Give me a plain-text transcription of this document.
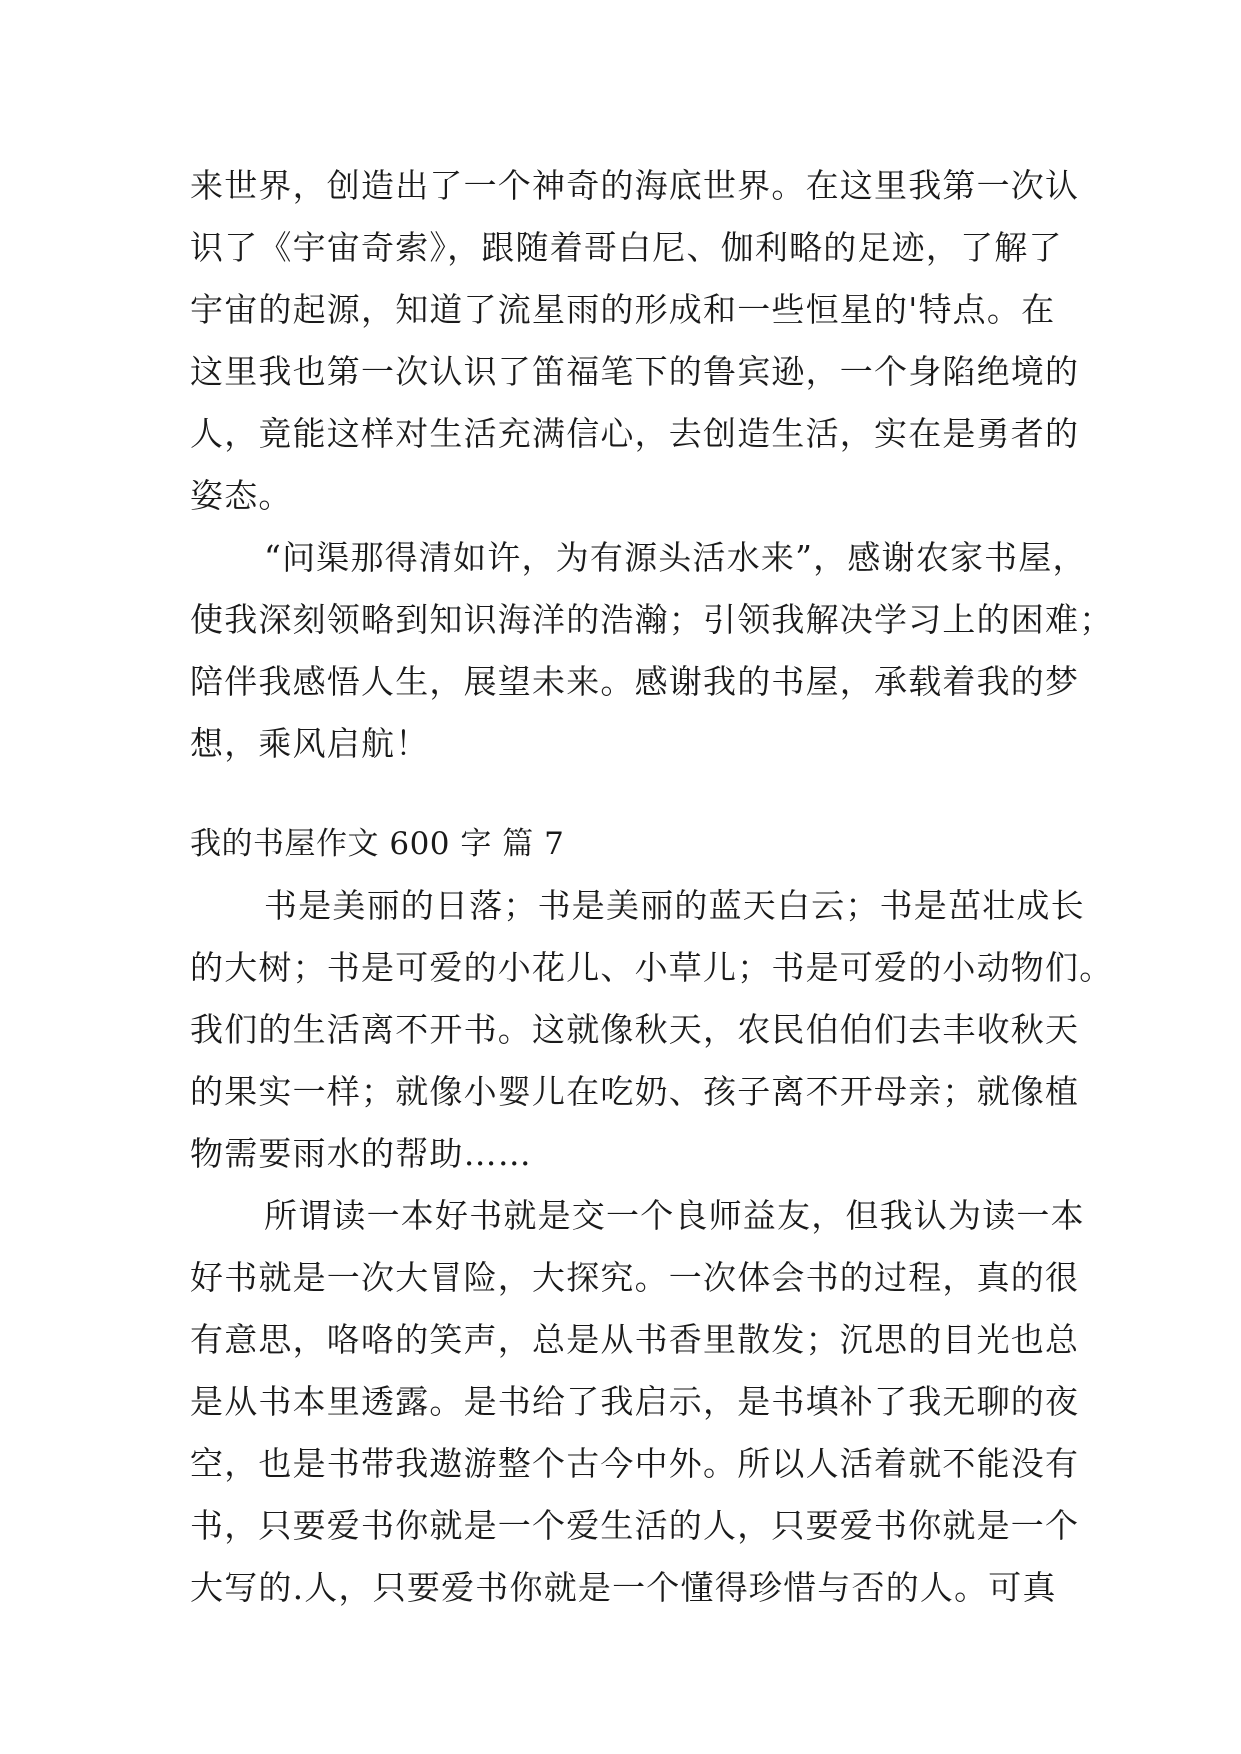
来世界，创造出了一个神奇的海底世界。在这里我第一次认
识了《宇宙奇索》，跟随着哥白尼、伽利略的足迹，了解了
宇宙的起源，知道了流星雨的形成和一些恒星的'特点。在
这里我也第一次认识了笛福笔下的鲁宾逊，一个身陷绝境的
人，竟能这样对生活充满信心，去创造生活，实在是勇者的
姿态。
“问渠那得清如许，为有源头活水来”，感谢农家书屋，
使我深刻领略到知识海洋的浩瀚；引领我解决学习上的困难；
陪伴我感悟人生，展望未来。感谢我的书屋，承载着我的梦
想，乘风启航！
我的书屋作文 600 字 篇 7
书是美丽的日落；书是美丽的蓝天白云；书是茁壮成长
的大树；书是可爱的小花儿、小草儿；书是可爱的小动物们。
我们的生活离不开书。这就像秋天，农民伯伯们去丰收秋天
的果实一样；就像小婴儿在吃奶、孩子离不开母亲；就像植
物需要雨水的帮助……
所谓读一本好书就是交一个良师益友，但我认为读一本
好书就是一次大冒险，大探究。一次体会书的过程，真的很
有意思，咯咯的笑声，总是从书香里散发；沉思的目光也总
是从书本里透露。是书给了我启示，是书填补了我无聊的夜
空，也是书带我遨游整个古今中外。所以人活着就不能没有
书，只要爱书你就是一个爱生活的人，只要爱书你就是一个
大写的.人，只要爱书你就是一个懂得珍惜与否的人。可真
